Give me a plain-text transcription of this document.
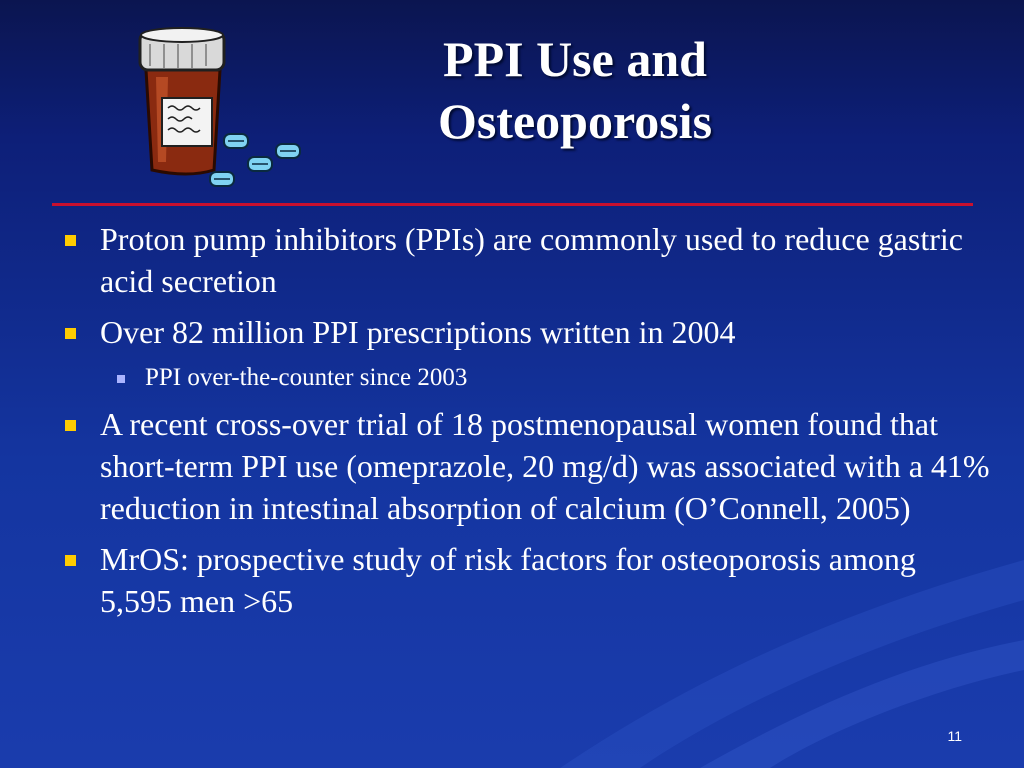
PPI Use and
Osteoporosis
Proton pump inhibitors (PPIs) are commonly used to reduce gastric acid secretion
Over 82 million PPI prescriptions written in 2004
PPI over-the-counter since 2003
A recent cross-over trial of 18 postmenopausal women found that short-term PPI use (omeprazole, 20 mg/d) was associated with a 41% reduction in intestinal absorption of calcium (O’Connell, 2005)
MrOS: prospective study of risk factors for osteoporosis among 5,595 men >65
11
